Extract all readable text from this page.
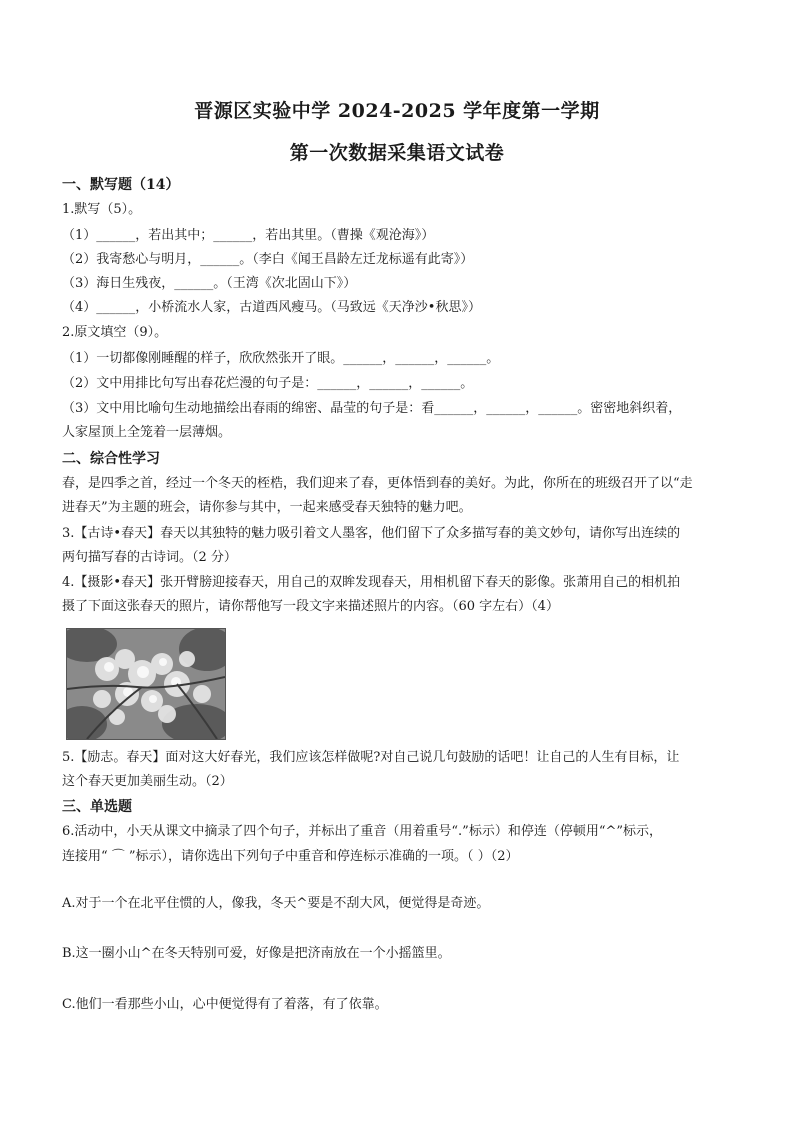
晋源区实验中学 2024-2025 学年度第一学期
第一次数据采集语文试卷
一、默写题（14）
1.默写（5）。
（1）______，若出其中；______，若出其里。（曹操《观沧海》）
（2）我寄愁心与明月，______。（李白《闻王昌龄左迁龙标遥有此寄》）
（3）海日生残夜，______。（王湾《次北固山下》）
（4）______，小桥流水人家，古道西风瘦马。（马致远《天净沙•秋思》）
2.原文填空（9）。
（1）一切都像刚睡醒的样子，欣欣然张开了眼。______，______，______。
（2）文中用排比句写出春花烂漫的句子是：______，______，______。
（3）文中用比喻句生动地描绘出春雨的绵密、晶莹的句子是：看______，______，______。密密地斜织着，
人家屋顶上全笼着一层薄烟。
二、综合性学习
春，是四季之首，经过一个冬天的桎梏，我们迎来了春，更体悟到春的美好。为此，你所在的班级召开了以“走
进春天”为主题的班会，请你参与其中，一起来感受春天独特的魅力吧。
3.【古诗•春天】春天以其独特的魅力吸引着文人墨客，他们留下了众多描写春的美文妙句，请你写出连续的
两句描写春的古诗词。（2 分）
4.【摄影•春天】张开臂膀迎接春天，用自己的双眸发现春天，用相机留下春天的影像。张萧用自己的相机拍
摄了下面这张春天的照片，请你帮他写一段文字来描述照片的内容。（60 字左右）（4）
5.【励志。春天】面对这大好春光，我们应该怎样做呢?对自己说几句鼓励的话吧！让自己的人生有目标，让
这个春天更加美丽生动。（2）
三、单选题
6.活动中，小天从课文中摘录了四个句子，并标出了重音（用着重号“.”标示）和停连（停顿用“^”标示，
连接用“ ⌒ ”标示），请你选出下列句子中重音和停连标示准确的一项。（ ）（2）
A.对于一个在北平住惯的人，像我，冬天^要是不刮大风，便觉得是奇迹。
B.这一圈小山^在冬天特别可爱，好像是把济南放在一个小摇篮里。
C.他们一看那些小山，心中便觉得有了着落，有了依靠。
